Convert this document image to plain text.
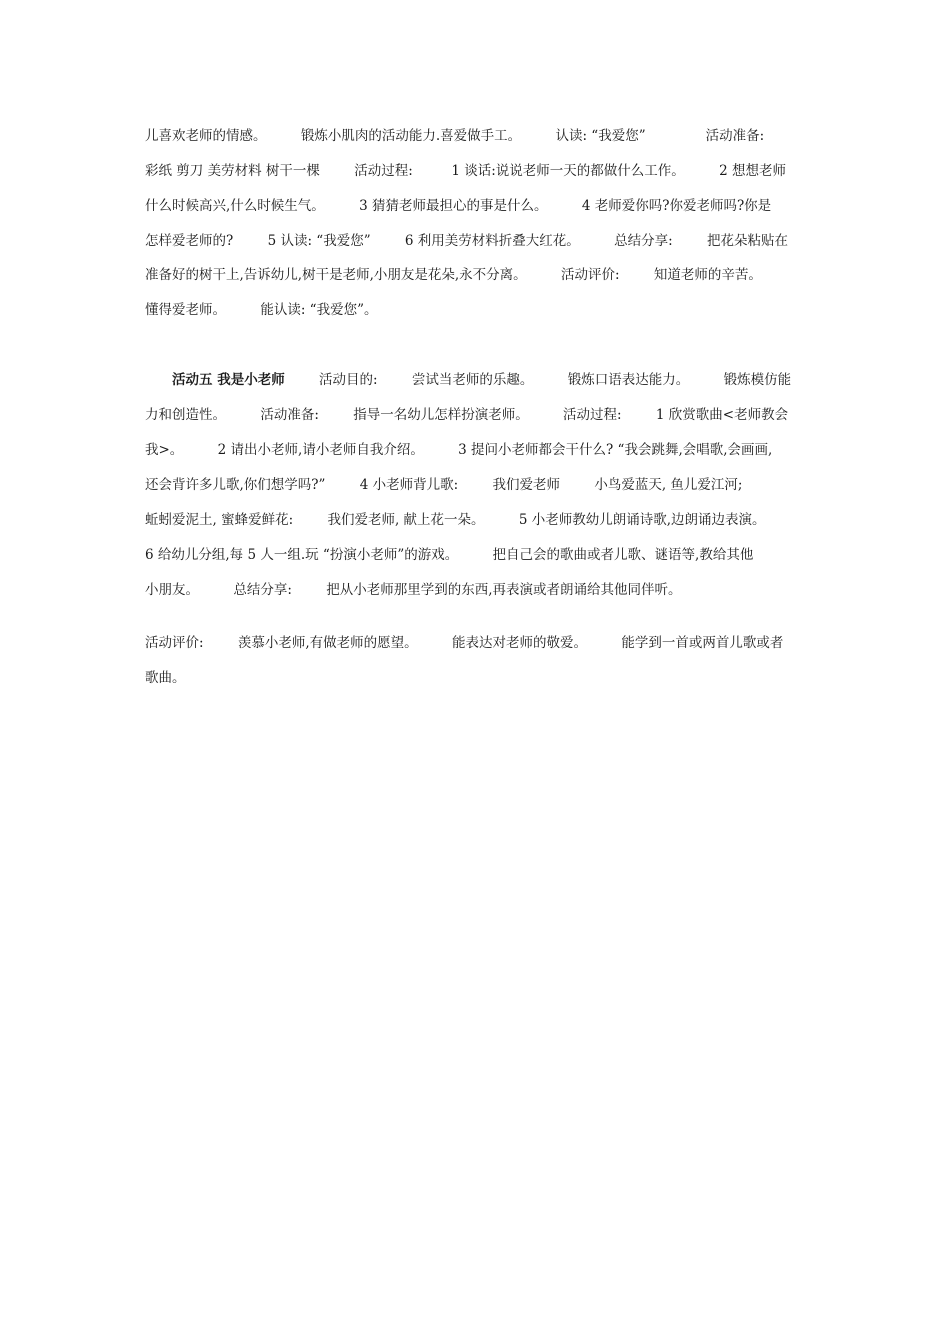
儿喜欢老师的情感。        锻炼小肌肉的活动能力.喜爱做手工。        认读: “我爱您”              活动准备:
彩纸 剪刀 美劳材料 树干一棵        活动过程:         1 谈话:说说老师一天的都做什么工作。        2 想想老师
什么时候高兴,什么时候生气。        3 猜猜老师最担心的事是什么。        4 老师爱你吗?你爱老师吗?你是
怎样爱老师的?        5 认读: “我爱您”        6 利用美劳材料折叠大红花。        总结分享:        把花朵粘贴在
准备好的树干上,告诉幼儿,树干是老师,小朋友是花朵,永不分离。        活动评价:        知道老师的辛苦。
懂得爱老师。        能认读: “我爱您”。
活动五 我是小老师        活动目的:        尝试当老师的乐趣。        锻炼口语表达能力。        锻炼模仿能
力和创造性。        活动准备:        指导一名幼儿怎样扮演老师。        活动过程:        1 欣赏歌曲<老师教会
我>。        2 请出小老师,请小老师自我介绍。        3 提问小老师都会干什么? “我会跳舞,会唱歌,会画画,
还会背许多儿歌,你们想学吗?”        4 小老师背儿歌:        我们爱老师        小鸟爱蓝天, 鱼儿爱江河;
蚯蚓爱泥土, 蜜蜂爱鲜花:        我们爱老师, 献上花一朵。        5 小老师教幼儿朗诵诗歌,边朗诵边表演。
6 给幼儿分组,每 5 人一组.玩 “扮演小老师”的游戏。        把自己会的歌曲或者儿歌、谜语等,教给其他
小朋友。        总结分享:        把从小老师那里学到的东西,再表演或者朗诵给其他同伴听。
活动评价:        羡慕小老师,有做老师的愿望。        能表达对老师的敬爱。        能学到一首或两首儿歌或者
歌曲。
